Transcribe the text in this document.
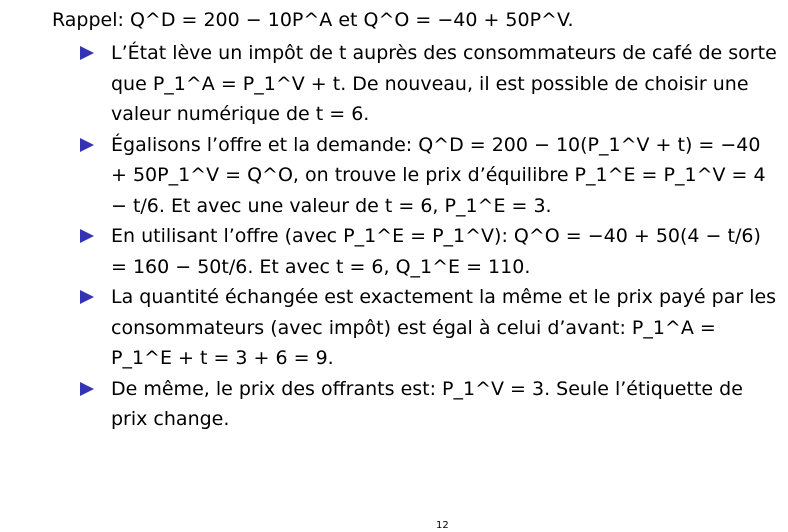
Rappel: Q^D = 200 − 10P^A et Q^O = −40 + 50P^V.
L’État lève un impôt de t auprès des consommateurs de café de sorte que P_1^A = P_1^V + t. De nouveau, il est possible de choisir une valeur numérique de t = 6.
Égalisons l’offre et la demande: Q^D = 200 − 10(P_1^V + t) = −40 + 50P_1^V = Q^O, on trouve le prix d’équilibre P_1^E = P_1^V = 4 − t/6. Et avec une valeur de t = 6, P_1^E = 3.
En utilisant l’offre (avec P_1^E = P_1^V): Q^O = −40 + 50(4 − t/6) = 160 − 50t/6. Et avec t = 6, Q_1^E = 110.
La quantité échangée est exactement la même et le prix payé par les consommateurs (avec impôt) est égal à celui d’avant: P_1^A = P_1^E + t = 3 + 6 = 9.
De même, le prix des offrants est: P_1^V = 3. Seule l’étiquette de prix change.
12
